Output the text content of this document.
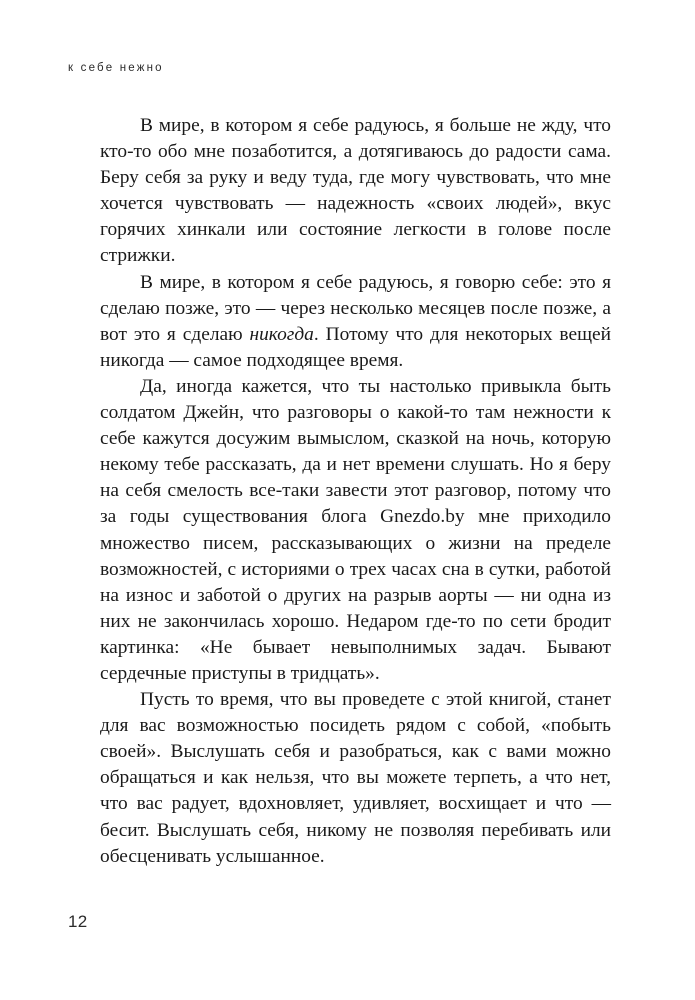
к себе нежно

В мире, в котором я себе радуюсь, я больше не жду, что кто-то обо мне позаботится, а дотягиваюсь до радости сама. Беру себя за руку и веду туда, где могу чувствовать, что мне хочется чувствовать — надежность «своих людей», вкус горячих хинкали или состояние легкости в голове после стрижки.

В мире, в котором я себе радуюсь, я говорю себе: это я сделаю позже, это — через несколько месяцев после позже, а вот это я сделаю никогда. Потому что для некоторых вещей никогда — самое подходящее время.

Да, иногда кажется, что ты настолько привыкла быть солдатом Джейн, что разговоры о какой-то там нежности к себе кажутся досужим вымыслом, сказкой на ночь, которую некому тебе рассказать, да и нет времени слушать. Но я беру на себя смелость все-таки завести этот разговор, потому что за годы существования блога Gnezdo.by мне приходило множество писем, рассказывающих о жизни на пределе возможностей, с историями о трех часах сна в сутки, работой на износ и заботой о других на разрыв аорты — ни одна из них не закончилась хорошо. Недаром где-то по сети бродит картинка: «Не бывает невыполнимых задач. Бывают сердечные приступы в тридцать».

Пусть то время, что вы проведете с этой книгой, станет для вас возможностью посидеть рядом с собой, «побыть своей». Выслушать себя и разобраться, как с вами можно обращаться и как нельзя, что вы можете терпеть, а что нет, что вас радует, вдохновляет, удивляет, восхищает и что — бесит. Выслушать себя, никому не позволяя перебивать или обесценивать услышанное.

12
